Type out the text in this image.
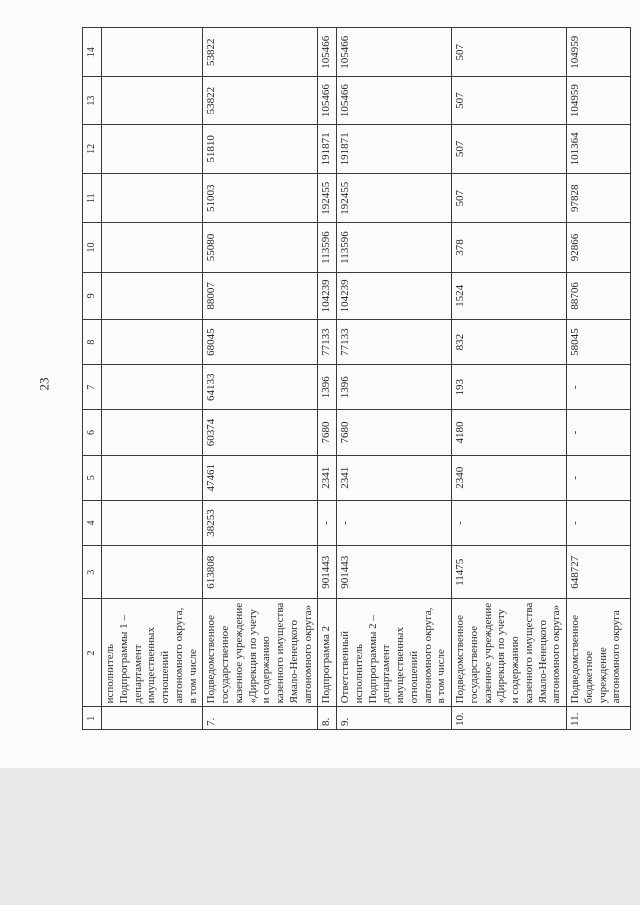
23
1	2	3	4	5	6	7	8	9	10	11	12	13	14
	исполнитель Подпрограммы 1 – департамент имущественных отношений автономного округа, в том числе	

7.	Подведомственное государственное казенное учреждение «Дирекция по учету и содержанию казенного имущества Ямало-Ненецкого автономного округа»	613808	38253	47461	60374	64133	68045	88007	55080	51003	51810	53822	53822

8.	Подпрограмма 2	901443	-	2341	7680	1396	77133	104239	113596	192455	191871	105466	105466

9.	Ответственный исполнитель Подпрограммы 2 – департамент имущественных отношений автономного округа, в том числе	901443	-	2341	7680	1396	77133	104239	113596	192455	191871	105466	105466

10.	Подведомственное государственное казенное учреждение «Дирекция по учету и содержанию казенного имущества Ямало-Ненецкого автономного округа»	11475	-	2340	4180	193	832	1524	378	507	507	507	507

11.	Подведомственное бюджетное учреждение автономного округа	648727	-	-	-	-	58045	88706	92866	97828	101364	104959	104959
